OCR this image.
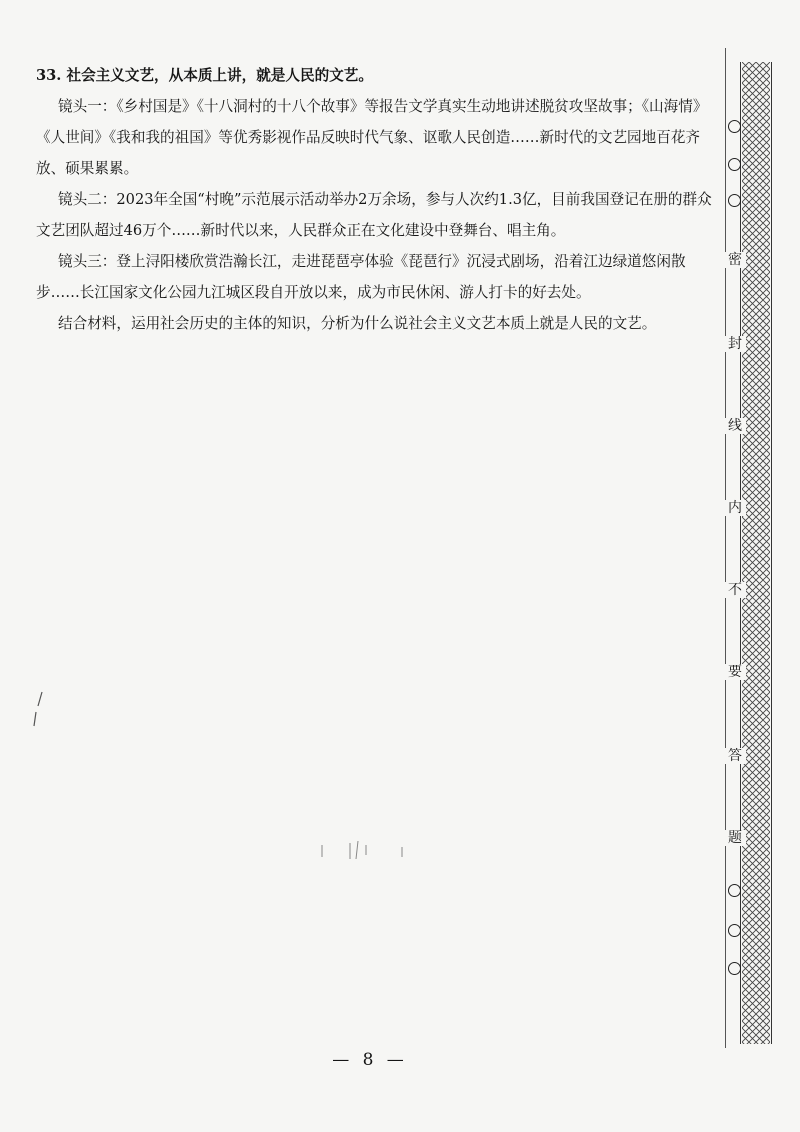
33. 社会主义文艺，从本质上讲，就是人民的文艺。

镜头一：《乡村国是》《十八洞村的十八个故事》等报告文学真实生动地讲述脱贫攻坚故事；《山海情》《人世间》《我和我的祖国》等优秀影视作品反映时代气象、讴歌人民创造……新时代的文艺园地百花齐放、硕果累累。

镜头二：2023年全国“村晚”示范展示活动举办2万余场，参与人次约1.3亿，目前我国登记在册的群众文艺团队超过46万个……新时代以来，人民群众正在文化建设中登舞台、唱主角。

镜头三：登上浔阳楼欣赏浩瀚长江，走进琵琶亭体验《琵琶行》沉浸式剧场，沿着江边绿道悠闲散步……长江国家文化公园九江城区段自开放以来，成为市民休闲、游人打卡的好去处。

结合材料，运用社会历史的主体的知识，分析为什么说社会主义文艺本质上就是人民的文艺。

密
封
线
内
不
要
答
题
— 8 —
